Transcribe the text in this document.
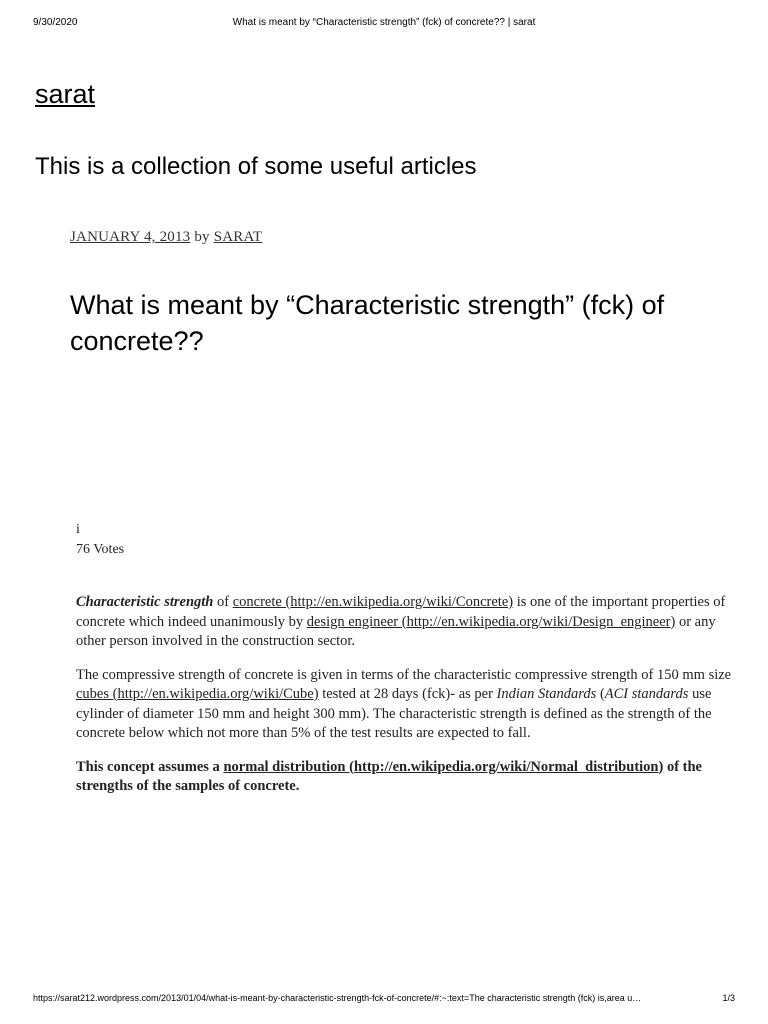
9/30/2020	What is meant by “Characteristic strength” (fck) of concrete?? | sarat
sarat
This is a collection of some useful articles
JANUARY 4, 2013 by SARAT
What is meant by “Characteristic strength” (fck) of concrete??
i
76 Votes

Characteristic strength of concrete (http://en.wikipedia.org/wiki/Concrete) is one of the important properties of concrete which indeed unanimously by design engineer (http://en.wikipedia.org/wiki/Design_engineer) or any other person involved in the construction sector.

The compressive strength of concrete is given in terms of the characteristic compressive strength of 150 mm size cubes (http://en.wikipedia.org/wiki/Cube) tested at 28 days (fck)- as per Indian Standards (ACI standards use cylinder of diameter 150 mm and height 300 mm). The characteristic strength is defined as the strength of the concrete below which not more than 5% of the test results are expected to fall.

This concept assumes a normal distribution (http://en.wikipedia.org/wiki/Normal_distribution) of the strengths of the samples of concrete.

https://sarat212.wordpress.com/2013/01/04/what-is-meant-by-characteristic-strength-fck-of-concrete/#:~:text=The characteristic strength (fck) is,area u…	1/3
